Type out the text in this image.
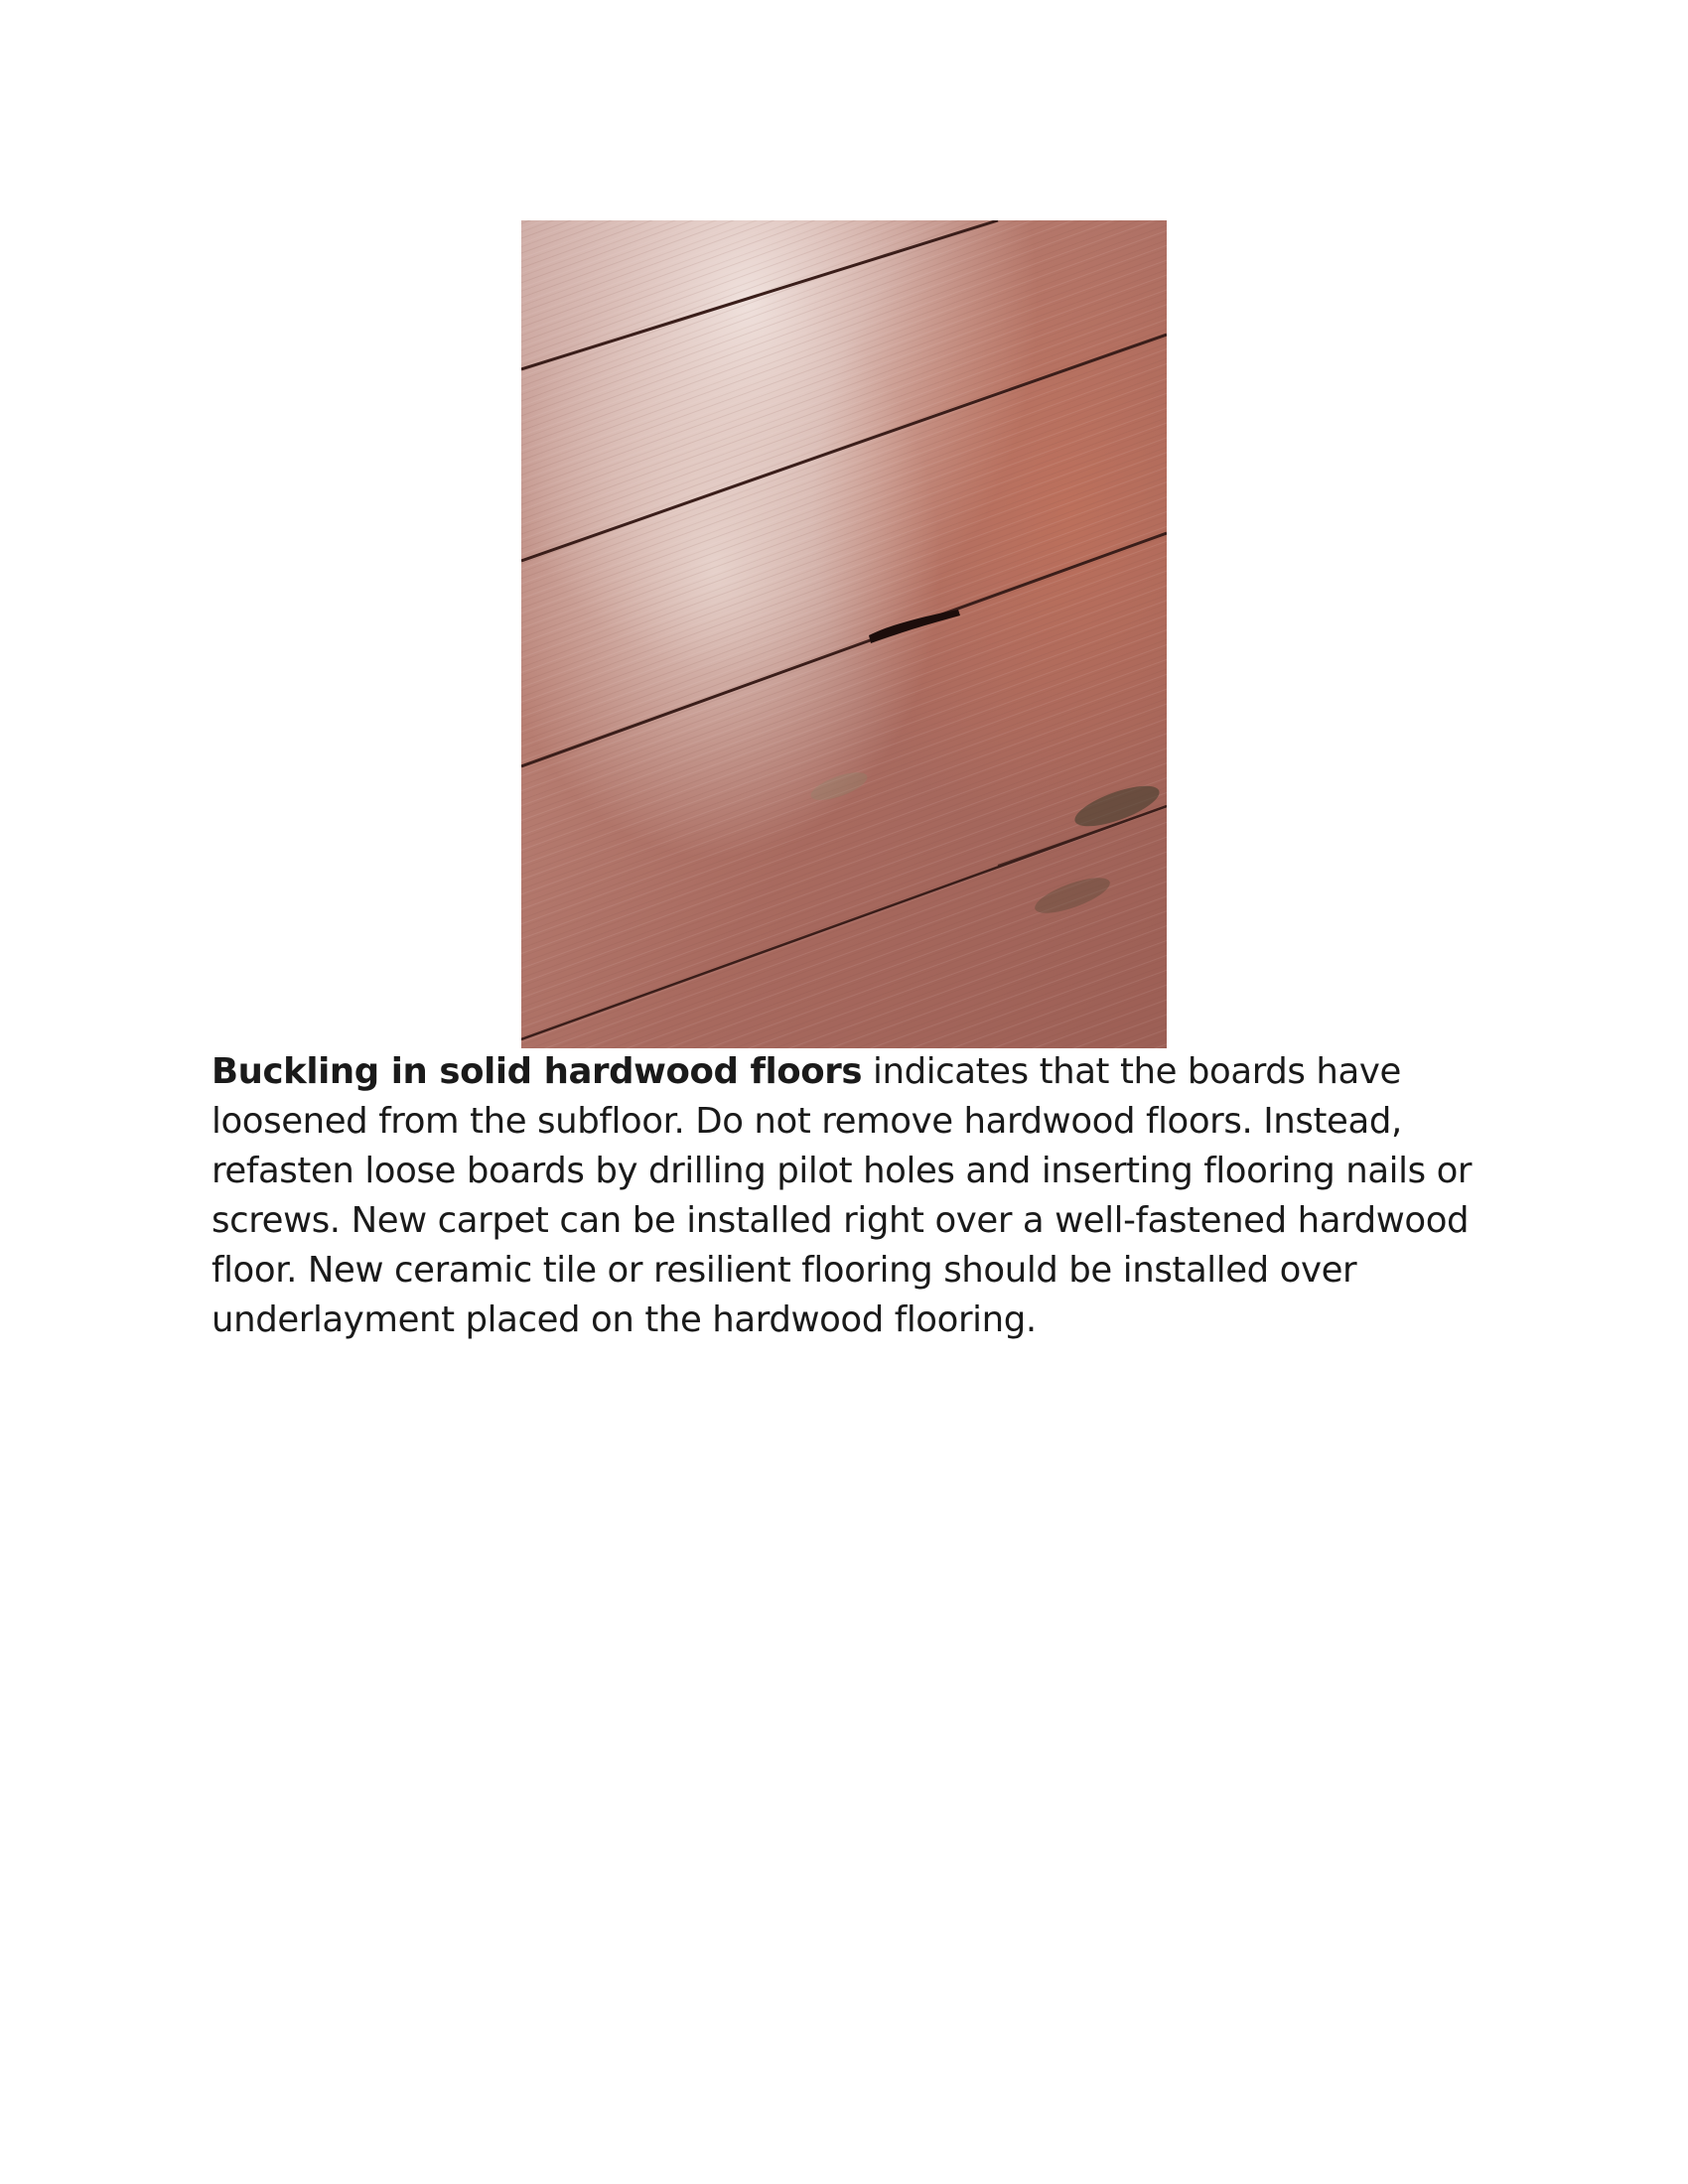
Buckling in solid hardwood floors indicates that the boards have loosened from the subfloor. Do not remove hardwood floors. Instead, refasten loose boards by drilling pilot holes and inserting flooring nails or screws. New carpet can be installed right over a well-fastened hardwood floor. New ceramic tile or resilient flooring should be installed over underlayment placed on the hardwood flooring.
